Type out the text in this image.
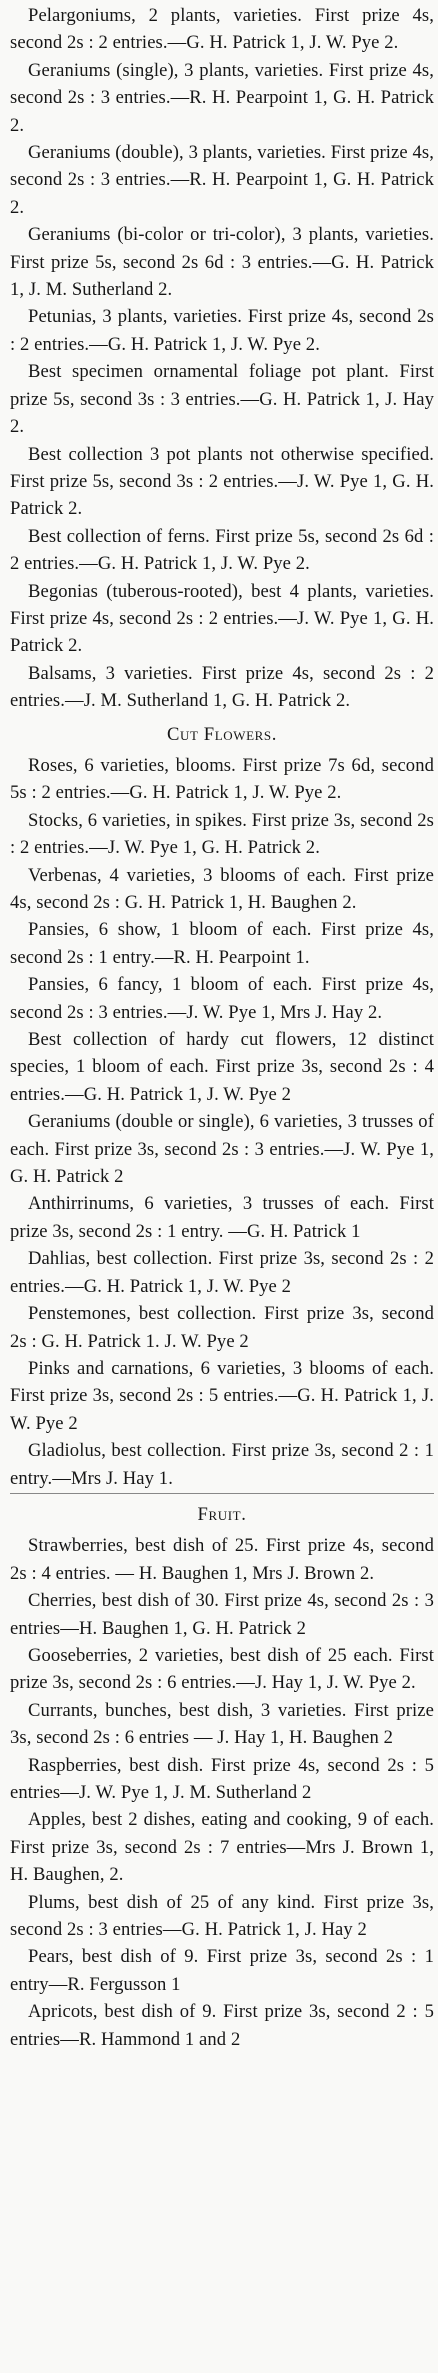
Pelargoniums, 2 plants, varieties. First prize 4s, second 2s : 2 entries.—G. H. Patrick 1, J. W. Pye 2.

Geraniums (single), 3 plants, varieties. First prize 4s, second 2s : 3 entries.—R. H. Pearpoint 1, G. H. Patrick 2.

Geraniums (double), 3 plants, varieties. First prize 4s, second 2s : 3 entries.—R. H. Pearpoint 1, G. H. Patrick 2.

Geraniums (bi-color or tri-color), 3 plants, varieties. First prize 5s, second 2s 6d : 3 entries.—G. H. Patrick 1, J. M. Sutherland 2.

Petunias, 3 plants, varieties. First prize 4s, second 2s : 2 entries.—G. H. Patrick 1, J. W. Pye 2.

Best specimen ornamental foliage pot plant. First prize 5s, second 3s : 3 entries.—G. H. Patrick 1, J. Hay 2.

Best collection 3 pot plants not otherwise specified. First prize 5s, second 3s : 2 entries.—J. W. Pye 1, G. H. Patrick 2.

Best collection of ferns. First prize 5s, second 2s 6d : 2 entries.—G. H. Patrick 1, J. W. Pye 2.

Begonias (tuberous-rooted), best 4 plants, varieties. First prize 4s, second 2s : 2 entries.—J. W. Pye 1, G. H. Patrick 2.

Balsams, 3 varieties. First prize 4s, second 2s : 2 entries.—J. M. Sutherland 1, G. H. Patrick 2.

Cut Flowers.

Roses, 6 varieties, blooms. First prize 7s 6d, second 5s : 2 entries.—G. H. Patrick 1, J. W. Pye 2.

Stocks, 6 varieties, in spikes. First prize 3s, second 2s : 2 entries.—J. W. Pye 1, G. H. Patrick 2.

Verbenas, 4 varieties, 3 blooms of each. First prize 4s, second 2s : G. H. Patrick 1, H. Baughen 2.

Pansies, 6 show, 1 bloom of each. First prize 4s, second 2s : 1 entry.—R. H. Pearpoint 1.

Pansies, 6 fancy, 1 bloom of each. First prize 4s, second 2s : 3 entries.—J. W. Pye 1, Mrs J. Hay 2.

Best collection of hardy cut flowers, 12 distinct species, 1 bloom of each. First prize 3s, second 2s : 4 entries.—G. H. Patrick 1, J. W. Pye 2

Geraniums (double or single), 6 varieties, 3 trusses of each. First prize 3s, second 2s : 3 entries.—J. W. Pye 1, G. H. Patrick 2

Anthirrinums, 6 varieties, 3 trusses of each. First prize 3s, second 2s : 1 entry. —G. H. Patrick 1

Dahlias, best collection. First prize 3s, second 2s : 2 entries.—G. H. Patrick 1, J. W. Pye 2

Penstemones, best collection. First prize 3s, second 2s : G. H. Patrick 1. J. W. Pye 2

Pinks and carnations, 6 varieties, 3 blooms of each. First prize 3s, second 2s : 5 entries.—G. H. Patrick 1, J. W. Pye 2

Gladiolus, best collection. First prize 3s, second 2 : 1 entry.—Mrs J. Hay 1.

Fruit.

Strawberries, best dish of 25. First prize 4s, second 2s : 4 entries. — H. Baughen 1, Mrs J. Brown 2.

Cherries, best dish of 30. First prize 4s, second 2s : 3 entries—H. Baughen 1, G. H. Patrick 2

Gooseberries, 2 varieties, best dish of 25 each. First prize 3s, second 2s : 6 entries.—J. Hay 1, J. W. Pye 2.

Currants, bunches, best dish, 3 varieties. First prize 3s, second 2s : 6 entries — J. Hay 1, H. Baughen 2

Raspberries, best dish. First prize 4s, second 2s : 5 entries—J. W. Pye 1, J. M. Sutherland 2

Apples, best 2 dishes, eating and cooking, 9 of each. First prize 3s, second 2s : 7 entries—Mrs J. Brown 1, H. Baughen, 2.

Plums, best dish of 25 of any kind. First prize 3s, second 2s : 3 entries—G. H. Patrick 1, J. Hay 2

Pears, best dish of 9. First prize 3s, second 2s : 1 entry—R. Fergusson 1

Apricots, best dish of 9. First prize 3s, second 2 : 5 entries—R. Hammond 1 and 2
